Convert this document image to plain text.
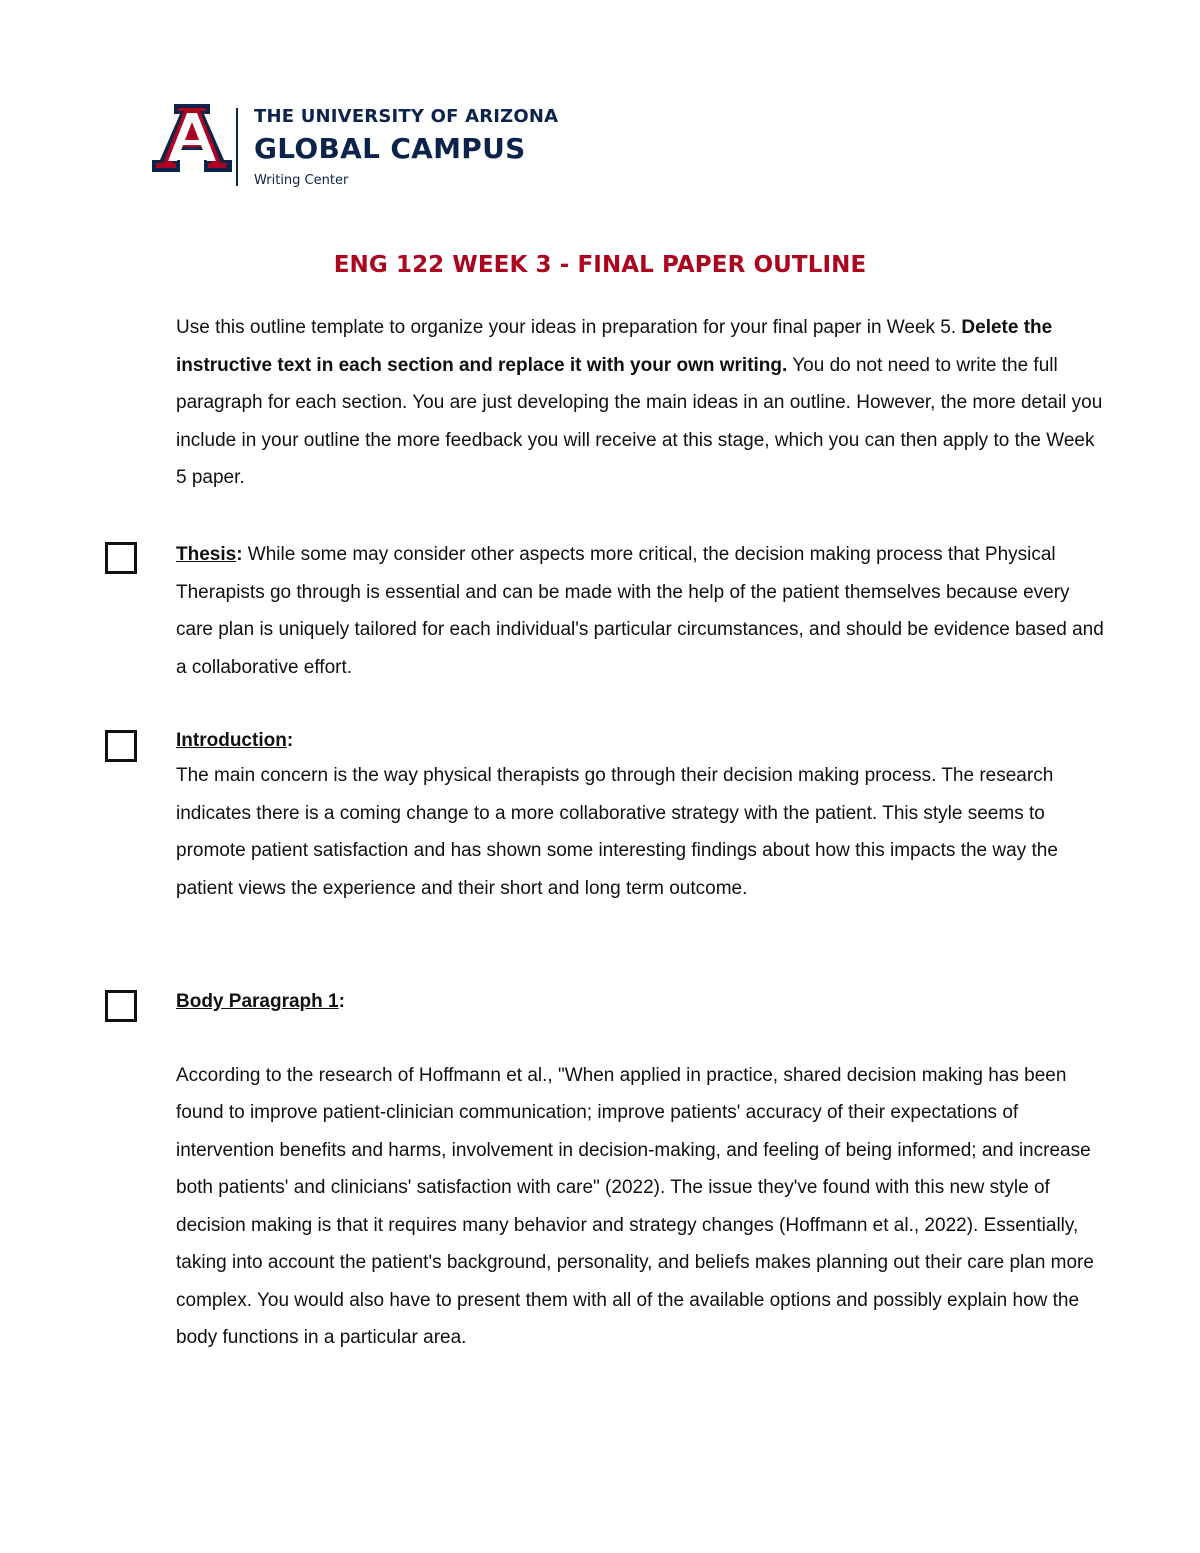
THE UNIVERSITY OF ARIZONA
GLOBAL CAMPUS
Writing Center
ENG 122 WEEK 3 - FINAL PAPER OUTLINE
Use this outline template to organize your ideas in preparation for your final paper in Week 5. Delete the instructive text in each section and replace it with your own writing. You do not need to write the full paragraph for each section. You are just developing the main ideas in an outline. However, the more detail you include in your outline the more feedback you will receive at this stage, which you can then apply to the Week 5 paper.

Thesis: While some may consider other aspects more critical, the decision making process that Physical Therapists go through is essential and can be made with the help of the patient themselves because every care plan is uniquely tailored for each individual's particular circumstances, and should be evidence based and a collaborative effort.

Introduction:

The main concern is the way physical therapists go through their decision making process. The research indicates there is a coming change to a more collaborative strategy with the patient. This style seems to promote patient satisfaction and has shown some interesting findings about how this impacts the way the patient views the experience and their short and long term outcome.

Body Paragraph 1:

According to the research of Hoffmann et al., "When applied in practice, shared decision making has been found to improve patient-clinician communication; improve patients' accuracy of their expectations of intervention benefits and harms, involvement in decision-making, and feeling of being informed; and increase both patients' and clinicians' satisfaction with care" (2022). The issue they've found with this new style of decision making is that it requires many behavior and strategy changes (Hoffmann et al., 2022). Essentially, taking into account the patient's background, personality, and beliefs makes planning out their care plan more complex. You would also have to present them with all of the available options and possibly explain how the body functions in a particular area.
